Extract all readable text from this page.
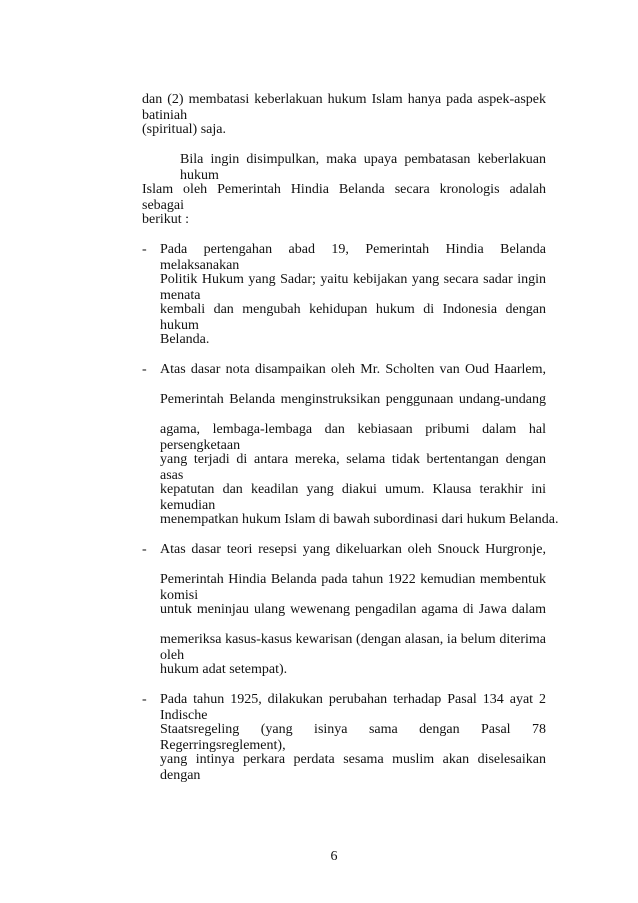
dan (2) membatasi keberlakuan hukum Islam hanya pada aspek-aspek batiniah
(spiritual) saja.
Bila ingin disimpulkan, maka upaya pembatasan keberlakuan hukum
Islam oleh Pemerintah Hindia Belanda secara kronologis adalah sebagai
berikut :
- Pada pertengahan abad 19, Pemerintah Hindia Belanda melaksanakan
Politik Hukum yang Sadar; yaitu kebijakan yang secara sadar ingin menata
kembali dan mengubah kehidupan hukum di Indonesia dengan hukum
Belanda.
- Atas dasar nota disampaikan oleh Mr. Scholten van Oud Haarlem,
Pemerintah Belanda menginstruksikan penggunaan undang-undang
agama, lembaga-lembaga dan kebiasaan pribumi dalam hal persengketaan
yang terjadi di antara mereka, selama tidak bertentangan dengan asas
kepatutan dan keadilan yang diakui umum. Klausa terakhir ini kemudian
menempatkan hukum Islam di bawah subordinasi dari hukum Belanda.
- Atas dasar teori resepsi yang dikeluarkan oleh Snouck Hurgronje,
Pemerintah Hindia Belanda pada tahun 1922 kemudian membentuk komisi
untuk meninjau ulang wewenang pengadilan agama di Jawa dalam
memeriksa kasus-kasus kewarisan (dengan alasan, ia belum diterima oleh
hukum adat setempat).
- Pada tahun 1925, dilakukan perubahan terhadap Pasal 134 ayat 2 Indische
Staatsregeling (yang isinya sama dengan Pasal 78 Regerringsreglement),
yang intinya perkara perdata sesama muslim akan diselesaikan dengan
6
